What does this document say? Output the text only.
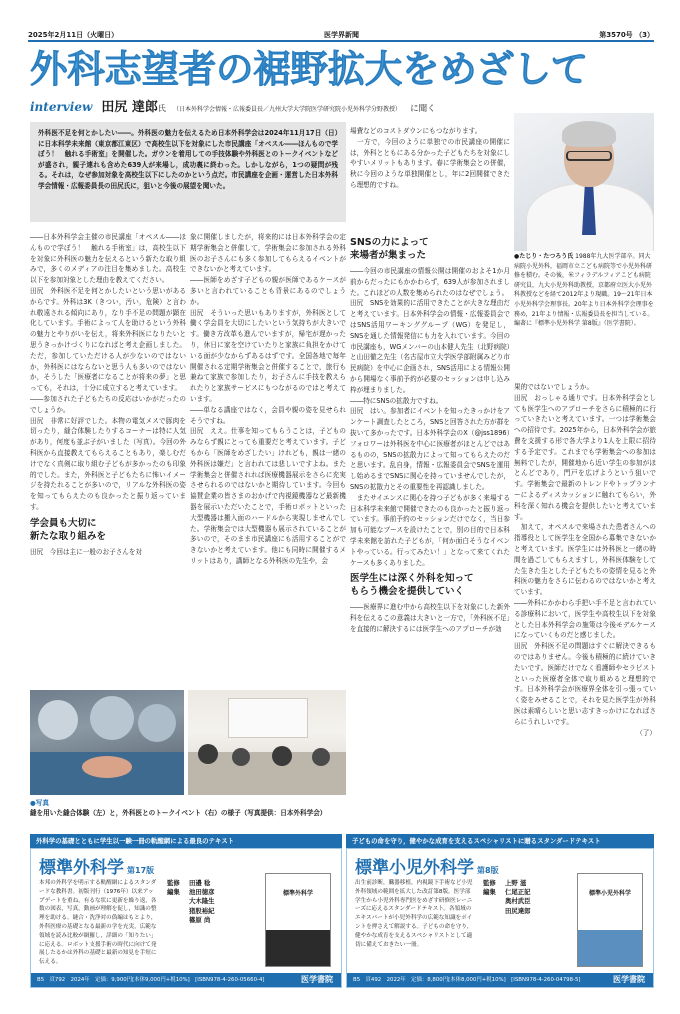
2025年2月11日（火曜日）	医学界新聞	第3570号 （3）
外科志望者の裾野拡大をめざして
interview 田尻 達郎氏 （日本外科学会情報・広報委員長／九州大学大学院医学研究院小児外科学分野教授） に聞く
外科医不足を何とかしたい――。外科医の魅力を伝えるため日本外科学会は2024年11月17日（日）に日本科学未来館（東京都江東区）で高校生以下を対象にした市民講座「オペスル――ほんもので学ぼう！　触れる手術室」を開催した。ガウンを着用しての手技体験や外科医とのトークイベントなどが盛され，親子連れも含めた639人が来場し，成功裏に終わった。しかしながら，1つの疑問が残る。それは，なぜ参加対象を高校生以下にしたのかという点だ。市民講座を企画・運営した日本外科学会情報・広報委員長の田尻氏に，狙いと今後の展望を聞いた。
場費などのコストダウンにもつながります。
　一方で，今回のように単独での市民講座の開催には，外科とともにある分かった子どもたちを対象にしやすいメリットもあります。春に学術集会との併催，秋に今回のような単独開催とし，年に2回開催できたら理想的ですね。
●たじり・たつろう氏 1988年九大医学部卒。同大病院小児外科，福岡市立こども病院等で小児外科研修を積む。その後，米フィラデルフィアこども病院研究員，九大小児外科助教授，京都府立医大小児外科教授などを経て2012年より現職。19～21年日本小児外科学会理事長。20年より日本外科学会理事を務め，21年より情報・広報委員長を担当している。編著に『標準小児外科学 第8版』（医学書院）。

――日本外科学会主催の市民講座「オペスル――ほんもので学ぼう！　触れる手術室」は，高校生以下を対象に外科医の魅力を伝えるという新たな取り組みで，多くのメディアの注目を集めました。高校生以下を参加対象とした理由を教えてください。

田尻　外科医不足を何とかしたいという思いがあるからです。外科は3K（きつい，汚い，危険）と言われ敬遠される傾向にあり，なり手不足の問題が顕在化しています。手術によって人を助けるという外科の魅力とやりがいを伝え，将来外科医になりたいと思うきっかけづくりになればと考え企画しました。ただ，参加していただける人が少ないのではないか，外科医にはならないと思う人も多いのではないか，そうした「医療者になることが将来の夢」と思っても，それは，十分に成立すると考えています。

――参加された子どもたちの反応はいかがだったのでしょうか。

田尻　非常に好評でした。本物の電気メスで豚肉を切ったり，縫合体験したりするコーナーは特に人気があり，何度も並ぶ子がいました（写真）。今回の外科医から直接教えてもらえることもあり，楽しむだけでなく真剣に取り組む子どもが多かったのも印象的でした。また，外科医と子どもたちに怖いイメージを持たれることが多いので，リアルな外科医の姿を知ってもらえたのも良かったと振り返っています。

学会員も大切に
新たな取り組みを

田尻　今回は主に一般のお子さんを対

象に開催しましたが，将来的には日本外科学会の定期学術集会と併催して，学術集会に参加される外科医のお子さんにも多く参加してもらえるイベントができないかと考えています。

――医師をめざす子どもの親が医師であるケースが多いと言われていることも背景にあるのでしょうか。

田尻　そういった思いもありますが，外科医として働く学会員を大切にしたいという気持ちが大きいです。働き方改革も進んでいますが，帰宅が遅かったり，休日に家を空けていたりと家族に負担をかけている面が少なからずあるはずです。全国各地で毎年開催される定期学術集会と併催することで，旅行も兼ねて家族で参加したり，お子さんに手技を教えられたりと家族サービスにもつながるのではと考えています。

――単なる講座ではなく，会員や親の姿を見せられそうですね。

田尻　ええ。仕事を知ってもらうことは，子どものみならず親にとっても重要だと考えています。子どもから「医師をめざしたい」けれども，親は一緒の外科医は嫌だ」と言われては悲しいですよね。また学術集会と併催されれば医療機器展示をさらに充実させられるのではないかと期待しています。今回も協賛企業の皆さまのおかげで内視鏡機器など最新機器を展示いただいたことで，手術ロボットといった大型機器は搬入面のハードルから実現しませんでした。学術集会では大型機器も展示されていることが多いので，そのまま市民講座にも活用することができないかと考えています。他にも同時に開催するメリットはあり，講師となる外科医の先生や，会

SNSの力によって
来場者が集まった

――今回の市民講座の情報公開は開催のおよそ1か月前からだったにもかかわらず，639人が参加されました。これほどの人数を集められたのはなぜでしょう。

田尻　SNSを効果的に活用できたことが大きな理由だと考えています。日本外科学会の情報・広報委員会ではSNS活用ワーキンググループ（WG）を発足し，SNSを通した情報発信にも力を入れています。今回の市民講座も，WGメンバーの山本健人先生（北野病院）と山田徹之先生（名古屋市立大学医学部附属みどり市民病院）を中心に企画され，SNS活用による情報公開から開場なく事前予約が必要のセッションは申し込み枠が埋まりました。

――特にSNSの拡散力ですね。

田尻　はい。参加者にイベントを知ったきっかけをアンケート調査したところ，SNSと回答された方が群を抜いて多かったです。日本外科学会のX（@jss1896）フォロワーは外科医を中心に医療者がほとんどではあるものの，SNSの拡散力によって知ってもらえたのだと思います。乱自身，情報・広報委員会でSNSを運用し始めるまでSNSに関心を持っていませんでしたが，SNSの拡散力とその重要性を再認識しました。

　またサイエンスに関心を持つ子どもが多く来場する日本科学未来館で開催できたのも良かったと振り返っています。事前予約のセッションだけでなく，当日参加も可能なブースを設けたことで，別の目的で日本科学未来館を訪れた子どもが，「何か面白そうなイベントやっている。行ってみたい！」となって来てくれたケースも多くありました。

医学生には深く外科を知って
もらう機会を提供していく

――医療界に進む中から高校生以下を対象にした新外科を伝えるこの意義は大きいと一方で，「外科医不足」を直接的に解決するには医学生へのアプローチが効

果的ではないでしょうか。

田尻　おっしゃる通りです。日本外科学会としても医学生へのアプローチをさらに積極的に行っていきたいと考えています。一つは学術集会への招待です。2025年から，日本外科学会が旅費を支援する形で各大学より1人を上限に招待する予定です。これまでも学術集会への参加は無料でしたが，開催地から近い学生の参加がほとんどであり，門戸を広げようという狙いです。学術集会で最新のトレンドやトップランナーによるディスカッションに触れてもらい，外科を深く知れる機会を提供したいと考えています。

　加えて，オペスルで来場された患者さんへの指導役として医学生を全国から募集できないかと考えています。医学生には外科医と一緒の時間を過ごしてもらえますし，外科医体験をしてた生きた生とした子どもたちの姿情を見ると外科医の魅力をさらに伝わるのではないかと考えています。

――外科にかかわら手把い手不足と言われている診療科において，医学生や高校生以下を対象とした日本外科学会の施策は今後モデルケースになっていくものだと感じました。

田尻　外科医不足の問題はすぐに解決できるものではありません。今後も積極的に続けていきたいです。医師だけでなく看護師やセラピストといった医療者全体で取り組めると理想的です。日本外科学会が医療界全体を引っ張っていく姿をみせることで，それを見た医学生が外科医は素晴らしいと思い志すきっかけになればさらにうれしいです。

（了）
●写真 縫を用いた縫合体験（左）と，外科医とのトークイベント（右）の様子（写真提供：日本外科学会）
外科学の基礎とともに学生以一験一冊の軌醒網による最良のテキスト
標準外科学 第17版
本邦の外科学を明示する軌醒網によるスタンダードな教科書。初版刊行（1976年）以来アップデートを重ね，有るな状に更新を繰り返，各数の図表，写真，動画が理解を促し，知識の整理を助ける。縫合・洗浄対の偽編はもとより，外科医療の基礎となる最新の学を充実，広範な領域を読み比較が網羅し，詳細の「知りたい」に応える。ロボット支援手術の時代に向けて発展したるかは外科の基礎と最新の知見を手短に伝える。
監修 田邉 稔
編集 池田徳彦
大木隆生
猪股裕紀
篠原 尚
標準外科学
B5　頁792　2024年　定価：9,900円[本体9,000円+税10%]　[ISBN978-4-260-05660-4]	医学書院
子どもの命を守り，健やかな成育を支えるスペシャリストに贈るスタンダードテキスト
標準小児外科学 第8版
出生前診断，臓器移植，内視鏡下手術など小児外科領域の範囲を拡大した改訂第8版。医学部学生から小児外科専門医をめざす研修医レーニーズに応えるスタンダードテキスト。各領域のエキスパートが小児外科学の広範な知識をポイントを押さえて解説する。子どもの命を守り，健やかな成育を支えるスペシャリストとして適切に備えておきたい一冊。
監修 上野 滋
編集 仁尾正記
奥村武臣
田尻達郎
標準小児外科学
B5　頁492　2022年　定価：8,800円[本体8,000円+税10%]　[ISBN978-4-260-04798-5]	医学書院
